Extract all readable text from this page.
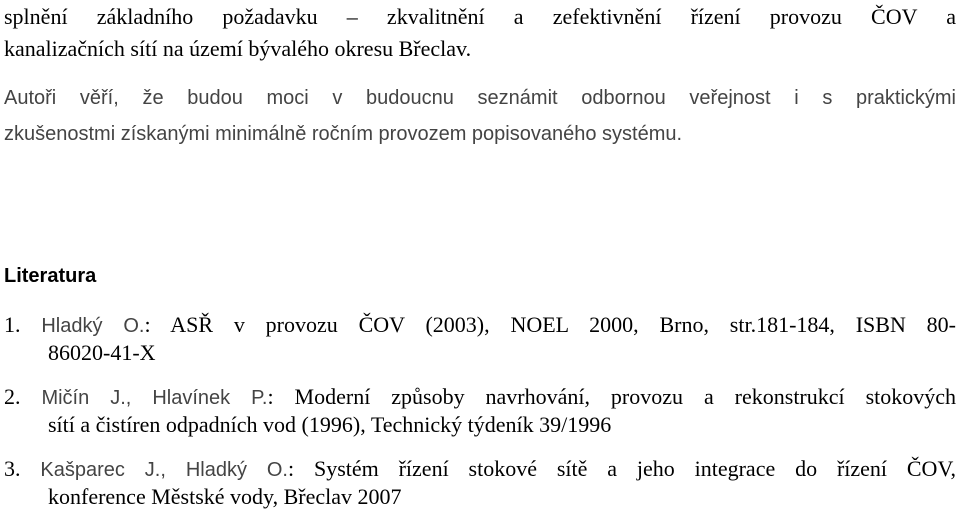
splnění základního požadavku – zkvalitnění a zefektivnění řízení provozu ČOV a
kanalizačních sítí na území bývalého okresu Břeclav.
Autoři věří, že budou moci v budoucnu seznámit odbornou veřejnost i s praktickými
zkušenostmi získanými minimálně ročním provozem popisovaného systému.
Literatura
1. Hladký O.: ASŘ v provozu ČOV (2003), NOEL 2000, Brno, str.181-184, ISBN 80-
86020-41-X
2. Mičín J., Hlavínek P.: Moderní způsoby navrhování, provozu a rekonstrukcí stokových
sítí a čistíren odpadních vod (1996), Technický týdeník 39/1996
3. Kašparec J., Hladký O.: Systém řízení stokové sítě a jeho integrace do řízení ČOV,
konference Městské vody, Břeclav 2007
